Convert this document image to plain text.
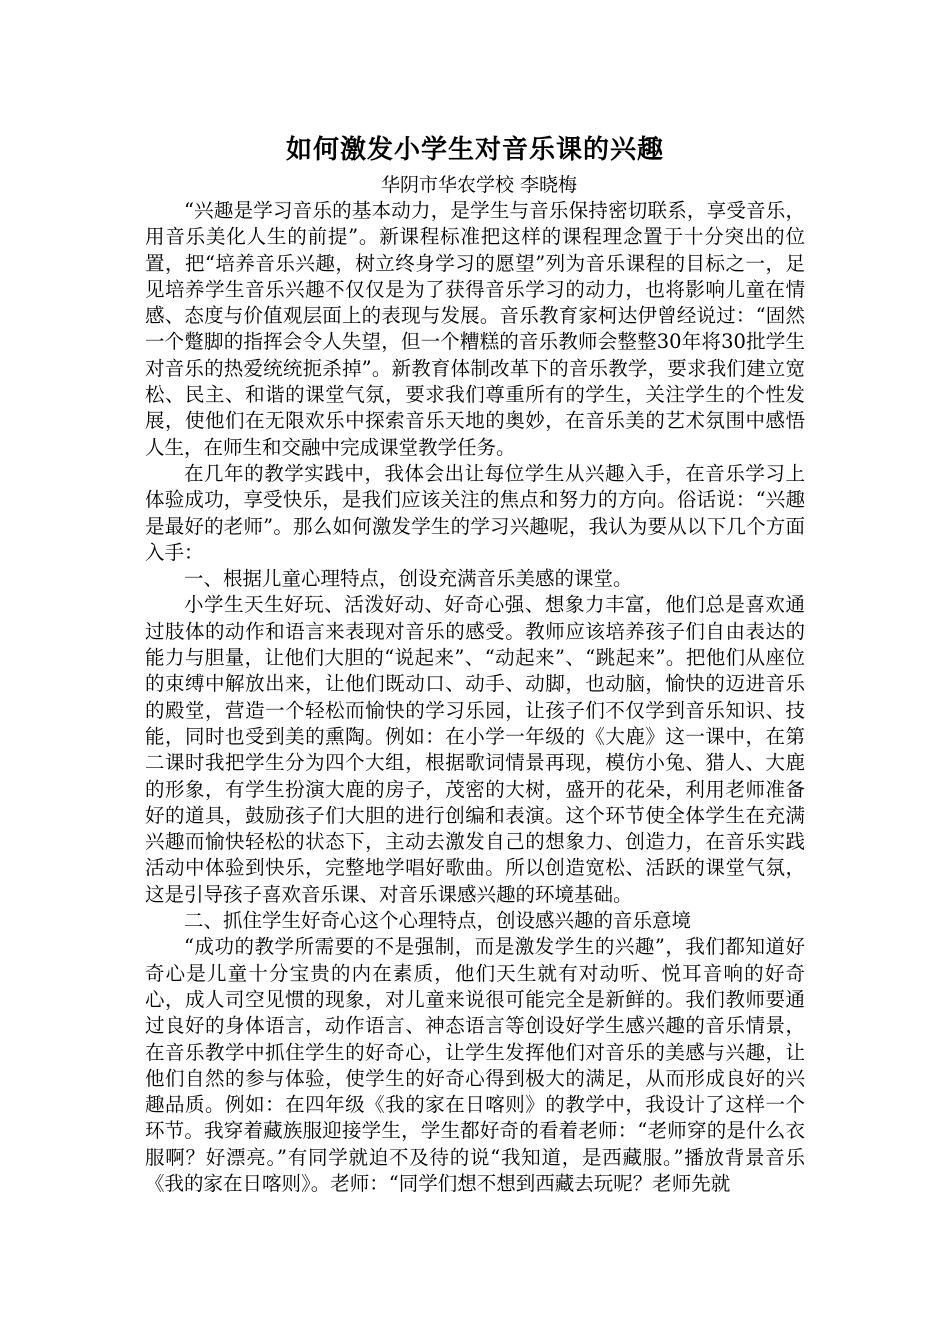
如何激发小学生对音乐课的兴趣

华阴市华农学校 李晓梅

“兴趣是学习音乐的基本动力，是学生与音乐保持密切联系，享受音乐，用音乐美化人生的前提”。新课程标准把这样的课程理念置于十分突出的位置，把“培养音乐兴趣，树立终身学习的愿望”列为音乐课程的目标之一，足见培养学生音乐兴趣不仅仅是为了获得音乐学习的动力，也将影响儿童在情感、态度与价值观层面上的表现与发展。音乐教育家柯达伊曾经说过：“固然一个蹩脚的指挥会令人失望，但一个糟糕的音乐教师会整整30年将30批学生对音乐的热爱统统扼杀掉”。新教育体制改革下的音乐教学，要求我们建立宽松、民主、和谐的课堂气氛，要求我们尊重所有的学生，关注学生的个性发展，使他们在无限欢乐中探索音乐天地的奥妙，在音乐美的艺术氛围中感悟人生，在师生和交融中完成课堂教学任务。

在几年的教学实践中，我体会出让每位学生从兴趣入手，在音乐学习上体验成功，享受快乐，是我们应该关注的焦点和努力的方向。俗话说：“兴趣是最好的老师”。那么如何激发学生的学习兴趣呢，我认为要从以下几个方面入手：

一、根据儿童心理特点，创设充满音乐美感的课堂。

小学生天生好玩、活泼好动、好奇心强、想象力丰富，他们总是喜欢通过肢体的动作和语言来表现对音乐的感受。教师应该培养孩子们自由表达的能力与胆量，让他们大胆的“说起来”、“动起来”、“跳起来”。把他们从座位的束缚中解放出来，让他们既动口、动手、动脚，也动脑，愉快的迈进音乐的殿堂，营造一个轻松而愉快的学习乐园，让孩子们不仅学到音乐知识、技能，同时也受到美的熏陶。例如：在小学一年级的《大鹿》这一课中，在第二课时我把学生分为四个大组，根据歌词情景再现，模仿小兔、猎人、大鹿的形象，有学生扮演大鹿的房子，茂密的大树，盛开的花朵，利用老师准备好的道具，鼓励孩子们大胆的进行创编和表演。这个环节使全体学生在充满兴趣而愉快轻松的状态下，主动去激发自己的想象力、创造力，在音乐实践活动中体验到快乐，完整地学唱好歌曲。所以创造宽松、活跃的课堂气氛，这是引导孩子喜欢音乐课、对音乐课感兴趣的环境基础。

二、抓住学生好奇心这个心理特点，创设感兴趣的音乐意境

“成功的教学所需要的不是强制，而是激发学生的兴趣”，我们都知道好奇心是儿童十分宝贵的内在素质，他们天生就有对动听、悦耳音响的好奇心，成人司空见惯的现象，对儿童来说很可能完全是新鲜的。我们教师要通过良好的身体语言，动作语言、神态语言等创设好学生感兴趣的音乐情景，在音乐教学中抓住学生的好奇心，让学生发挥他们对音乐的美感与兴趣，让他们自然的参与体验，使学生的好奇心得到极大的满足，从而形成良好的兴趣品质。例如：在四年级《我的家在日喀则》的教学中，我设计了这样一个环节。我穿着藏族服迎接学生，学生都好奇的看着老师：“老师穿的是什么衣服啊？好漂亮。”有同学就迫不及待的说“我知道，是西藏服。”播放背景音乐《我的家在日喀则》。老师：“同学们想不想到西藏去玩呢？老师先就
